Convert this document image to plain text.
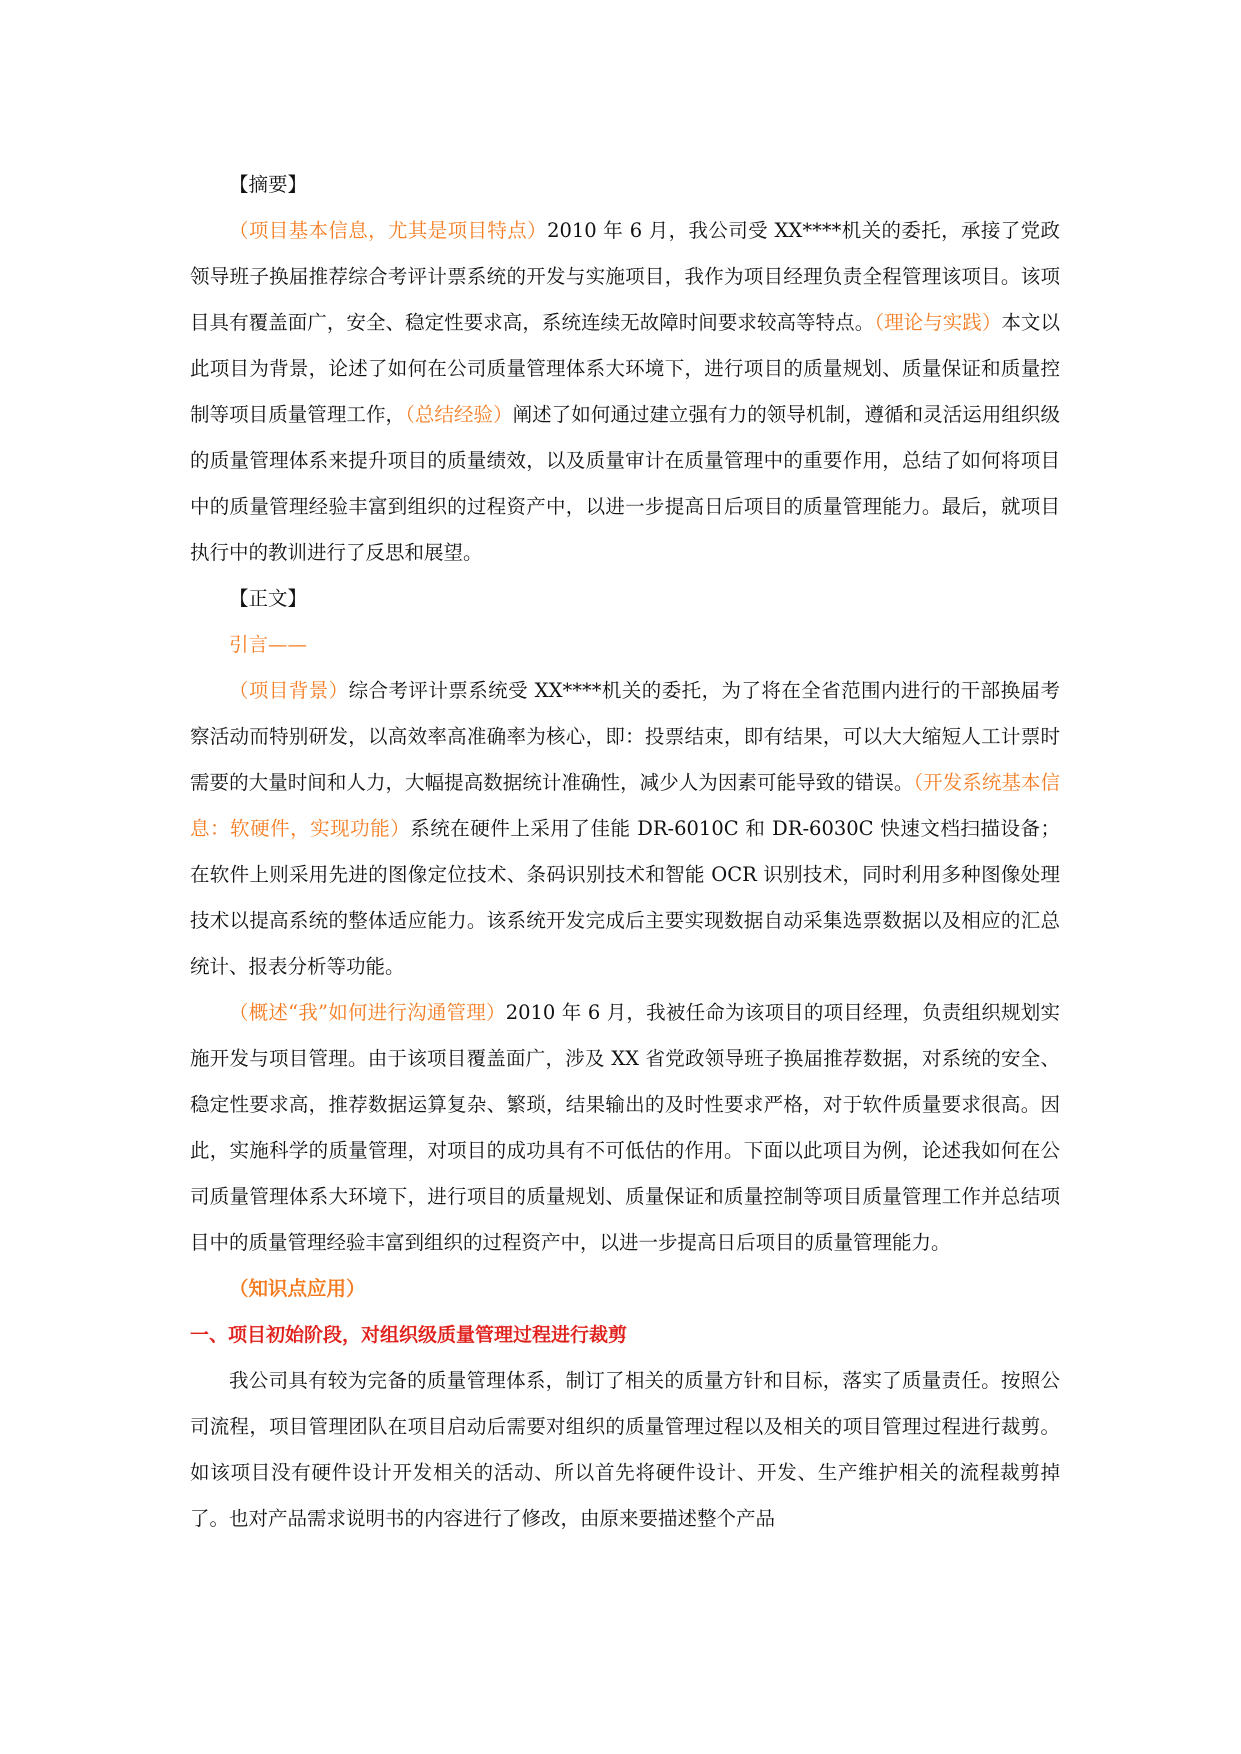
【摘要】

（项目基本信息，尤其是项目特点）2010 年 6 月，我公司受 XX****机关的委托，承接了党政领导班子换届推荐综合考评计票系统的开发与实施项目，我作为项目经理负责全程管理该项目。该项目具有覆盖面广，安全、稳定性要求高，系统连续无故障时间要求较高等特点。（理论与实践）本文以此项目为背景，论述了如何在公司质量管理体系大环境下，进行项目的质量规划、质量保证和质量控制等项目质量管理工作，（总结经验）阐述了如何通过建立强有力的领导机制，遵循和灵活运用组织级的质量管理体系来提升项目的质量绩效，以及质量审计在质量管理中的重要作用，总结了如何将项目中的质量管理经验丰富到组织的过程资产中，以进一步提高日后项目的质量管理能力。最后，就项目执行中的教训进行了反思和展望。

【正文】

引言——

（项目背景）综合考评计票系统受 XX****机关的委托，为了将在全省范围内进行的干部换届考察活动而特别研发，以高效率高准确率为核心，即：投票结束，即有结果，可以大大缩短人工计票时需要的大量时间和人力，大幅提高数据统计准确性，减少人为因素可能导致的错误。（开发系统基本信息：软硬件，实现功能）系统在硬件上采用了佳能 DR-6010C 和 DR-6030C 快速文档扫描设备；在软件上则采用先进的图像定位技术、条码识别技术和智能 OCR 识别技术，同时利用多种图像处理技术以提高系统的整体适应能力。该系统开发完成后主要实现数据自动采集选票数据以及相应的汇总统计、报表分析等功能。

（概述“我”如何进行沟通管理）2010 年 6 月，我被任命为该项目的项目经理，负责组织规划实施开发与项目管理。由于该项目覆盖面广，涉及 XX 省党政领导班子换届推荐数据，对系统的安全、稳定性要求高，推荐数据运算复杂、繁琐，结果输出的及时性要求严格，对于软件质量要求很高。因此，实施科学的质量管理，对项目的成功具有不可低估的作用。下面以此项目为例，论述我如何在公司质量管理体系大环境下，进行项目的质量规划、质量保证和质量控制等项目质量管理工作并总结项目中的质量管理经验丰富到组织的过程资产中，以进一步提高日后项目的质量管理能力。

（知识点应用）

一、项目初始阶段，对组织级质量管理过程进行裁剪

我公司具有较为完备的质量管理体系，制订了相关的质量方针和目标，落实了质量责任。按照公司流程，项目管理团队在项目启动后需要对组织的质量管理过程以及相关的项目管理过程进行裁剪。如该项目没有硬件设计开发相关的活动、所以首先将硬件设计、开发、生产维护相关的流程裁剪掉了。也对产品需求说明书的内容进行了修改，由原来要描述整个产品
